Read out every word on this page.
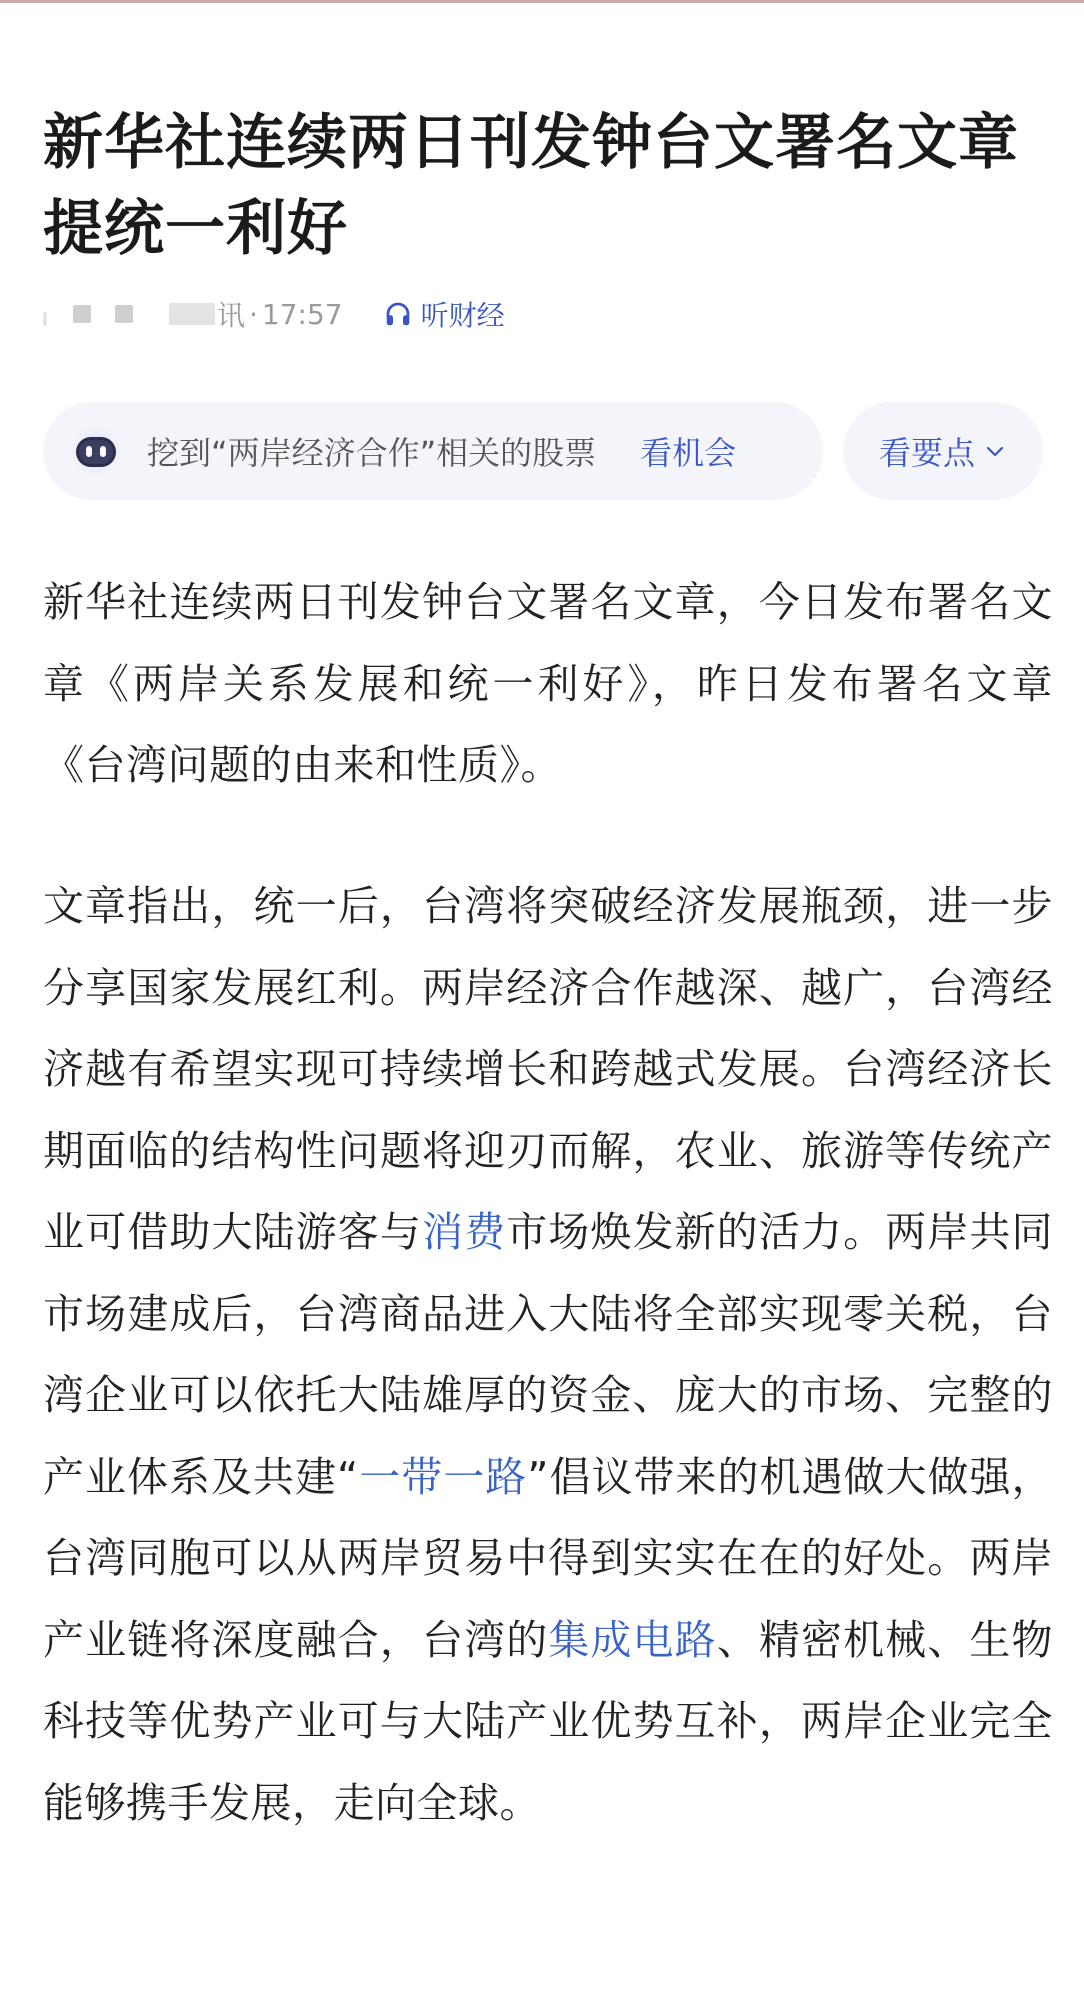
新华社连续两日刊发钟台文署名文章提统一利好
讯 · 17:57	听财经
挖到“两岸经济合作”相关的股票 看机会	看要点

新华社连续两日刊发钟台文署名文章，今日发布署名文章《两岸关系发展和统一利好》，昨日发布署名文章《台湾问题的由来和性质》。

文章指出，统一后，台湾将突破经济发展瓶颈，进一步分享国家发展红利。两岸经济合作越深、越广，台湾经济越有希望实现可持续增长和跨越式发展。台湾经济长期面临的结构性问题将迎刃而解，农业、旅游等传统产业可借助大陆游客与消费市场焕发新的活力。两岸共同市场建成后，台湾商品进入大陆将全部实现零关税，台湾企业可以依托大陆雄厚的资金、庞大的市场、完整的产业体系及共建“一带一路”倡议带来的机遇做大做强，台湾同胞可以从两岸贸易中得到实实在在的好处。两岸产业链将深度融合，台湾的集成电路、精密机械、生物科技等优势产业可与大陆产业优势互补，两岸企业完全能够携手发展，走向全球。
